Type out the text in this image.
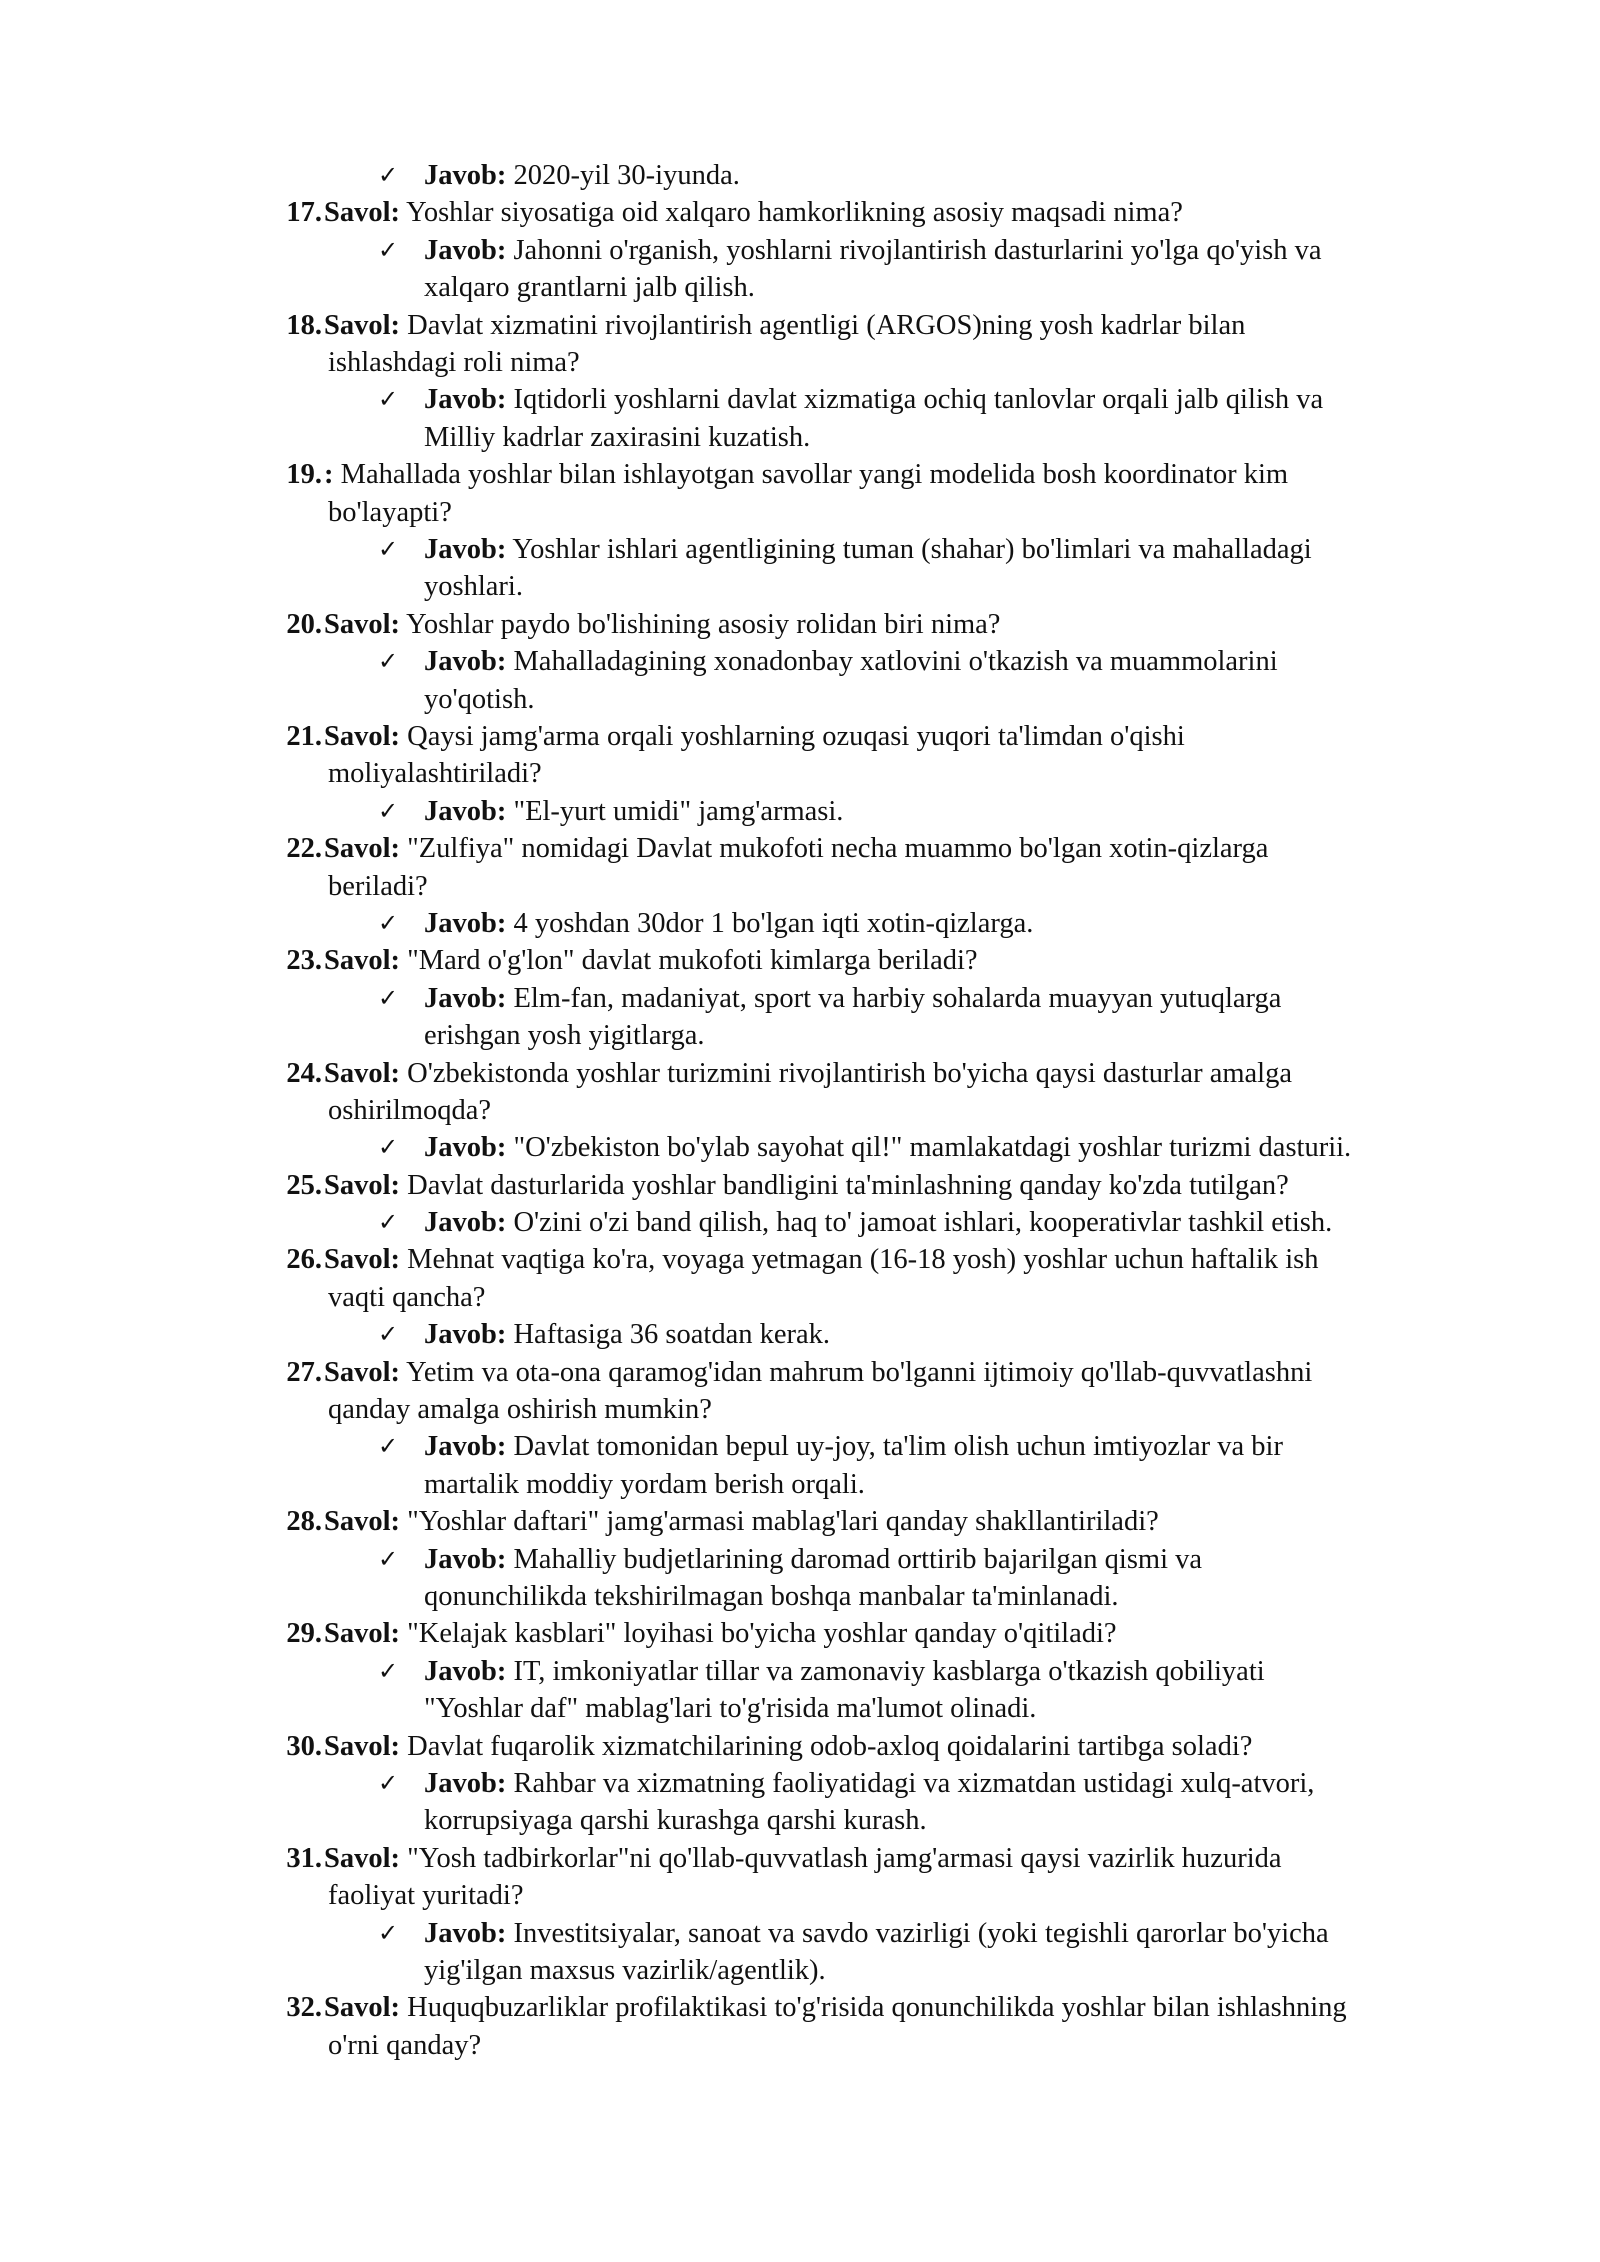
✓ Javob: 2020-yil 30-iyunda.
17. Savol: Yoshlar siyosatiga oid xalqaro hamkorlikning asosiy maqsadi nima?
✓ Javob: Jahonni o'rganish, yoshlarni rivojlantirish dasturlarini yo'lga qo'yish va
xalqaro grantlarni jalb qilish.
18. Savol: Davlat xizmatini rivojlantirish agentligi (ARGOS)ning yosh kadrlar bilan
ishlashdagi roli nima?
✓ Javob: Iqtidorli yoshlarni davlat xizmatiga ochiq tanlovlar orqali jalb qilish va
Milliy kadrlar zaxirasini kuzatish.
19. : Mahallada yoshlar bilan ishlayotgan savollar yangi modelida bosh koordinator kim
bo'layapti?
✓ Javob: Yoshlar ishlari agentligining tuman (shahar) bo'limlari va mahalladagi
yoshlari.
20. Savol: Yoshlar paydo bo'lishining asosiy rolidan biri nima?
✓ Javob: Mahalladagining xonadonbay xatlovini o'tkazish va muammolarini
yo'qotish.
21. Savol: Qaysi jamg'arma orqali yoshlarning ozuqasi yuqori ta'limdan o'qishi
moliyalashtiriladi?
✓ Javob: "El-yurt umidi" jamg'armasi.
22. Savol: "Zulfiya" nomidagi Davlat mukofoti necha muammo bo'lgan xotin-qizlarga
beriladi?
✓ Javob: 4 yoshdan 30dor 1 bo'lgan iqti xotin-qizlarga.
23. Savol: "Mard o'g'lon" davlat mukofoti kimlarga beriladi?
✓ Javob: Elm-fan, madaniyat, sport va harbiy sohalarda muayyan yutuqlarga
erishgan yosh yigitlarga.
24. Savol: O'zbekistonda yoshlar turizmini rivojlantirish bo'yicha qaysi dasturlar amalga
oshirilmoqda?
✓ Javob: "O'zbekiston bo'ylab sayohat qil!" mamlakatdagi yoshlar turizmi dasturii.
25. Savol: Davlat dasturlarida yoshlar bandligini ta'minlashning qanday ko'zda tutilgan?
✓ Javob: O'zini o'zi band qilish, haq to' jamoat ishlari, kooperativlar tashkil etish.
26. Savol: Mehnat vaqtiga ko'ra, voyaga yetmagan (16-18 yosh) yoshlar uchun haftalik ish
vaqti qancha?
✓ Javob: Haftasiga 36 soatdan kerak.
27. Savol: Yetim va ota-ona qaramog'idan mahrum bo'lganni ijtimoiy qo'llab-quvvatlashni
qanday amalga oshirish mumkin?
✓ Javob: Davlat tomonidan bepul uy-joy, ta'lim olish uchun imtiyozlar va bir
martalik moddiy yordam berish orqali.
28. Savol: "Yoshlar daftari" jamg'armasi mablag'lari qanday shakllantiriladi?
✓ Javob: Mahalliy budjetlarining daromad orttirib bajarilgan qismi va
qonunchilikda tekshirilmagan boshqa manbalar ta'minlanadi.
29. Savol: "Kelajak kasblari" loyihasi bo'yicha yoshlar qanday o'qitiladi?
✓ Javob: IT, imkoniyatlar tillar va zamonaviy kasblarga o'tkazish qobiliyati
"Yoshlar daf" mablag'lari to'g'risida ma'lumot olinadi.
30. Savol: Davlat fuqarolik xizmatchilarining odob-axloq qoidalarini tartibga soladi?
✓ Javob: Rahbar va xizmatning faoliyatidagi va xizmatdan ustidagi xulq-atvori,
korrupsiyaga qarshi kurashga qarshi kurash.
31. Savol: "Yosh tadbirkorlar"ni qo'llab-quvvatlash jamg'armasi qaysi vazirlik huzurida
faoliyat yuritadi?
✓ Javob: Investitsiyalar, sanoat va savdo vazirligi (yoki tegishli qarorlar bo'yicha
yig'ilgan maxsus vazirlik/agentlik).
32. Savol: Huquqbuzarliklar profilaktikasi to'g'risida qonunchilikda yoshlar bilan ishlashning
o'rni qanday?
